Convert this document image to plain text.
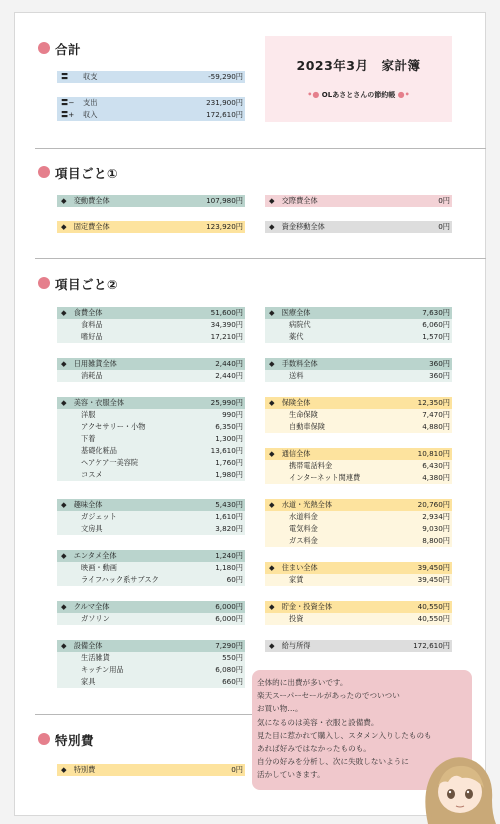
合計
〓 収支	-59,290円
〓− 支出	231,900円
〓+ 収入	172,610円
2023年3月　家計簿
•● OLあさとさんの節約帳 ●•
項目ごと①
◆　変動費全体	107,980円
◆　固定費全体	123,920円
◆　交際費全体	0円
◆　資金移動全体	0円
項目ごと②
◆　食費全体	51,600円
食料品	34,390円
嗜好品	17,210円
◆　日用雑貨全体	2,440円
消耗品	2,440円
◆　美容・衣服全体	25,990円
洋服	990円
アクセサリー・小物	6,350円
下着	1,300円
基礎化粧品	13,610円
ヘアケア一美容院	1,760円
コスメ	1,980円
◆　趣味全体	5,430円
ガジェット	1,610円
文房具	3,820円
◆　エンタメ全体	1,240円
映画・動画	1,180円
ライフハック系サブスク	60円
◆　クルマ全体	6,000円
ガソリン	6,000円
◆　設備全体	7,290円
生活雑貨	550円
キッチン用品	6,080円
家具	660円
◆　医療全体	7,630円
病院代	6,060円
薬代	1,570円
◆　手数料全体	360円
送料	360円
◆　保険全体	12,350円
生命保険	7,470円
自動車保険	4,880円
◆　通信全体	10,810円
携帯電話料金	6,430円
インターネット関連費	4,380円
◆　水道・光熱全体	20,760円
水道料金	2,934円
電気料金	9,030円
ガス料金	8,800円
◆　住まい全体	39,450円
家賃	39,450円
◆　貯金・投資全体	40,550円
投資	40,550円
◆　給与所得	172,610円
特別費
◆　特別費	0円

全体的に出費が多いです。

楽天スーパーセールがあったのでついつい

お買い物…。

気になるのは美容・衣服と設備費。

見た目に惹かれて購入し、スタメン入りしたものも

あれば好みではなかったものも。

自分の好みを分析し、次に失敗しないように

活かしていきます。
